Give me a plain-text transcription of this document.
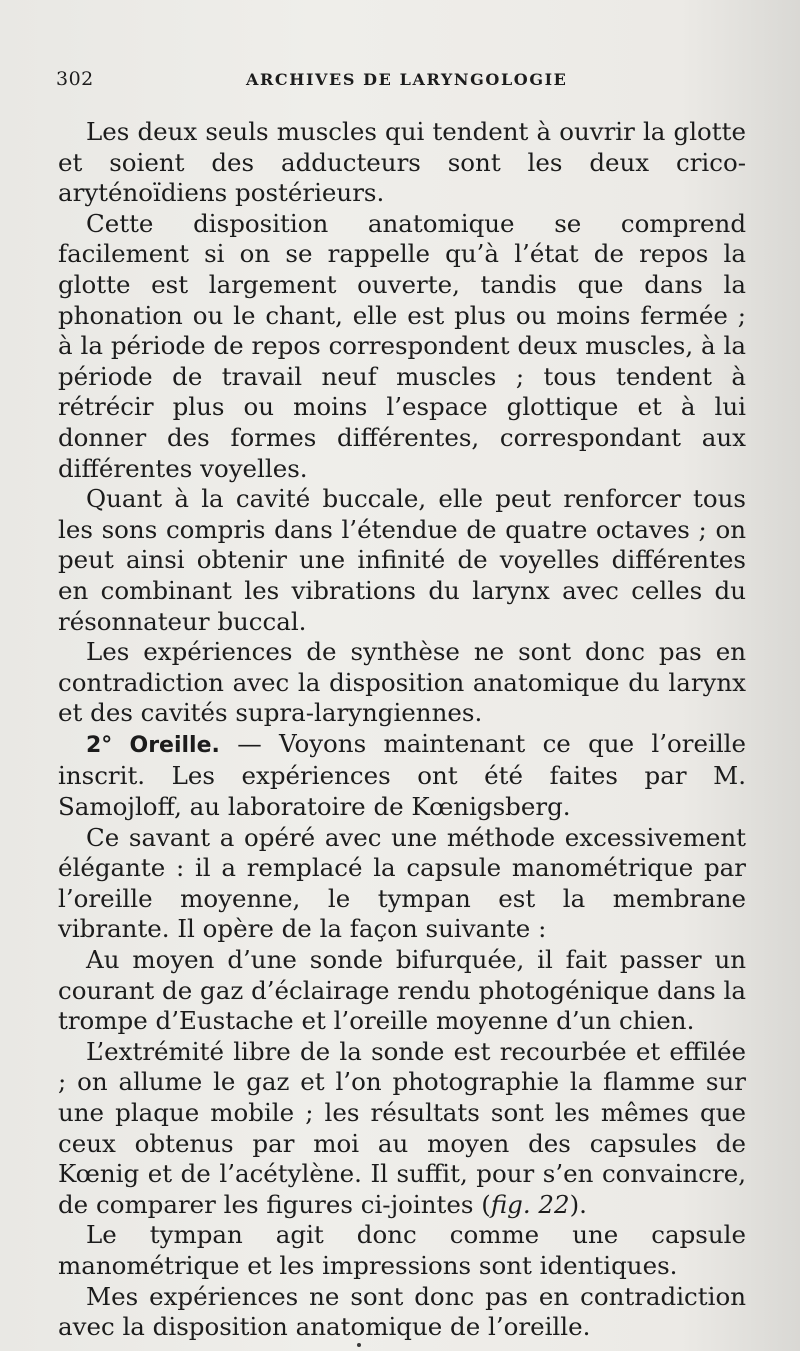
302	ARCHIVES DE LARYNGOLOGIE

Les deux seuls muscles qui tendent à ouvrir la glotte et soient des adducteurs sont les deux crico-aryténoïdiens postérieurs.

Cette disposition anatomique se comprend facilement si on se rappelle qu’à l’état de repos la glotte est largement ouverte, tandis que dans la phonation ou le chant, elle est plus ou moins fermée ; à la période de repos correspondent deux muscles, à la période de travail neuf muscles ; tous tendent à rétrécir plus ou moins l’espace glottique et à lui donner des formes différentes, correspondant aux différentes voyelles.

Quant à la cavité buccale, elle peut renforcer tous les sons compris dans l’étendue de quatre octaves ; on peut ainsi obtenir une infinité de voyelles différentes en combinant les vibrations du larynx avec celles du résonnateur buccal.

Les expériences de synthèse ne sont donc pas en contradiction avec la disposition anatomique du larynx et des cavités supra-laryngiennes.

2° Oreille. — Voyons maintenant ce que l’oreille inscrit. Les expériences ont été faites par M. Samojloff, au laboratoire de Kœnigsberg.

Ce savant a opéré avec une méthode excessivement élégante : il a remplacé la capsule manométrique par l’oreille moyenne, le tympan est la membrane vibrante. Il opère de la façon suivante :

Au moyen d’une sonde bifurquée, il fait passer un courant de gaz d’éclairage rendu photogénique dans la trompe d’Eustache et l’oreille moyenne d’un chien.

L’extrémité libre de la sonde est recourbée et effilée ; on allume le gaz et l’on photographie la flamme sur une plaque mobile ; les résultats sont les mêmes que ceux obtenus par moi au moyen des capsules de Kœnig et de l’acétylène. Il suffit, pour s’en convaincre, de comparer les figures ci-jointes (fig. 22).

Le tympan agit donc comme une capsule manométrique et les impressions sont identiques.

Mes expériences ne sont donc pas en contradiction avec la disposition anatomique de l’oreille.
